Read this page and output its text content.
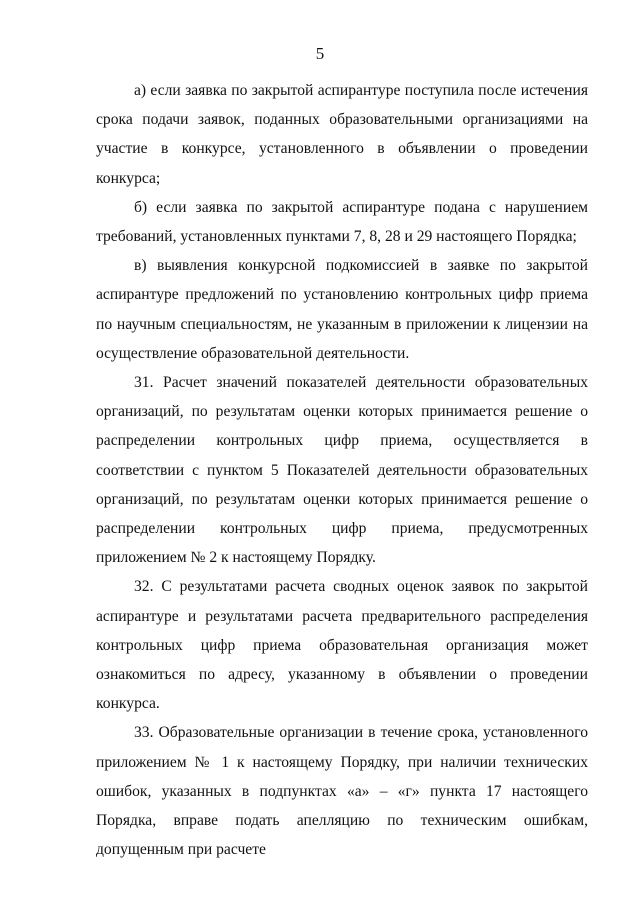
5

а) если заявка по закрытой аспирантуре поступила после истечения срока подачи заявок, поданных образовательными организациями на участие в конкурсе, установленного в объявлении о проведении конкурса;

б) если заявка по закрытой аспирантуре подана с нарушением требований, установленных пунктами 7, 8, 28 и 29 настоящего Порядка;

в) выявления конкурсной подкомиссией в заявке по закрытой аспирантуре предложений по установлению контрольных цифр приема по научным специальностям, не указанным в приложении к лицензии на осуществление образовательной деятельности.

31. Расчет значений показателей деятельности образовательных организаций, по результатам оценки которых принимается решение о распределении контрольных цифр приема, осуществляется в соответствии с пунктом 5 Показателей деятельности образовательных организаций, по результатам оценки которых принимается решение о распределении контрольных цифр приема, предусмотренных приложением № 2 к настоящему Порядку.

32. С результатами расчета сводных оценок заявок по закрытой аспирантуре и результатами расчета предварительного распределения контрольных цифр приема образовательная организация может ознакомиться по адресу, указанному в объявлении о проведении конкурса.

33. Образовательные организации в течение срока, установленного приложением № 1 к настоящему Порядку, при наличии технических ошибок, указанных в подпунктах «а» – «г» пункта 17 настоящего Порядка, вправе подать апелляцию по техническим ошибкам, допущенным при расчете
